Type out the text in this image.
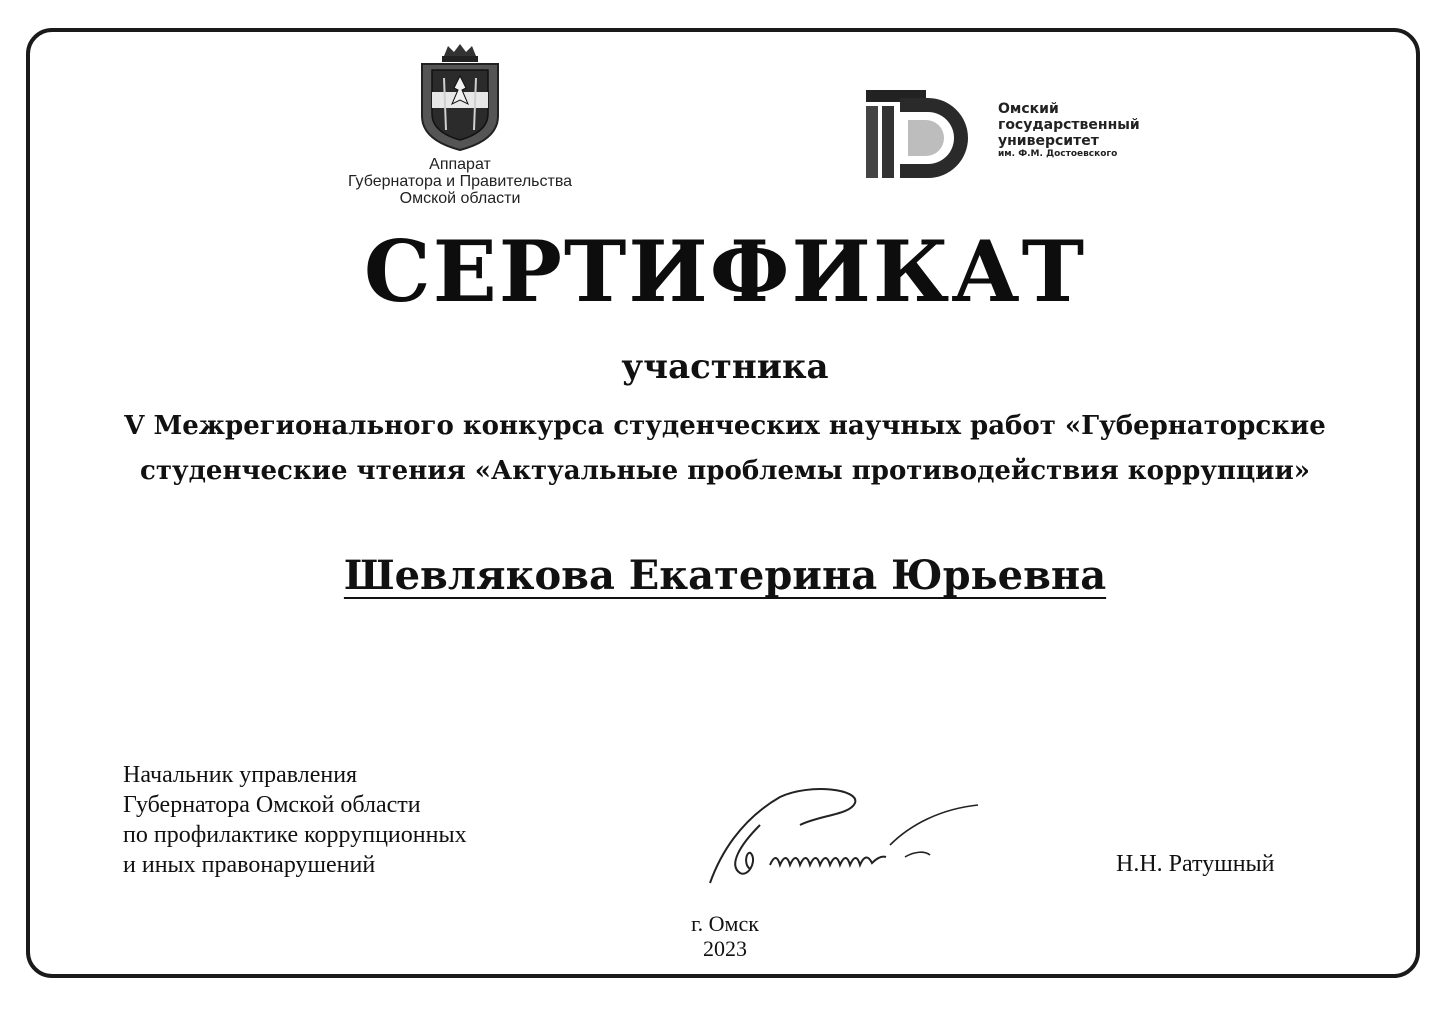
Аппарат
Губернатора и Правительства
Омской области
Омский
государственный
университет
им. Ф.М. Достоевского
СЕРТИФИКАТ
участника
V Межрегионального конкурса студенческих научных работ «Губернаторские
студенческие чтения «Актуальные проблемы противодействия коррупции»
Шевлякова Екатерина Юрьевна
Начальник управления
Губернатора Омской области
по профилактике коррупционных
и иных правонарушений	Н.Н. Ратушный
г. Омск
2023
